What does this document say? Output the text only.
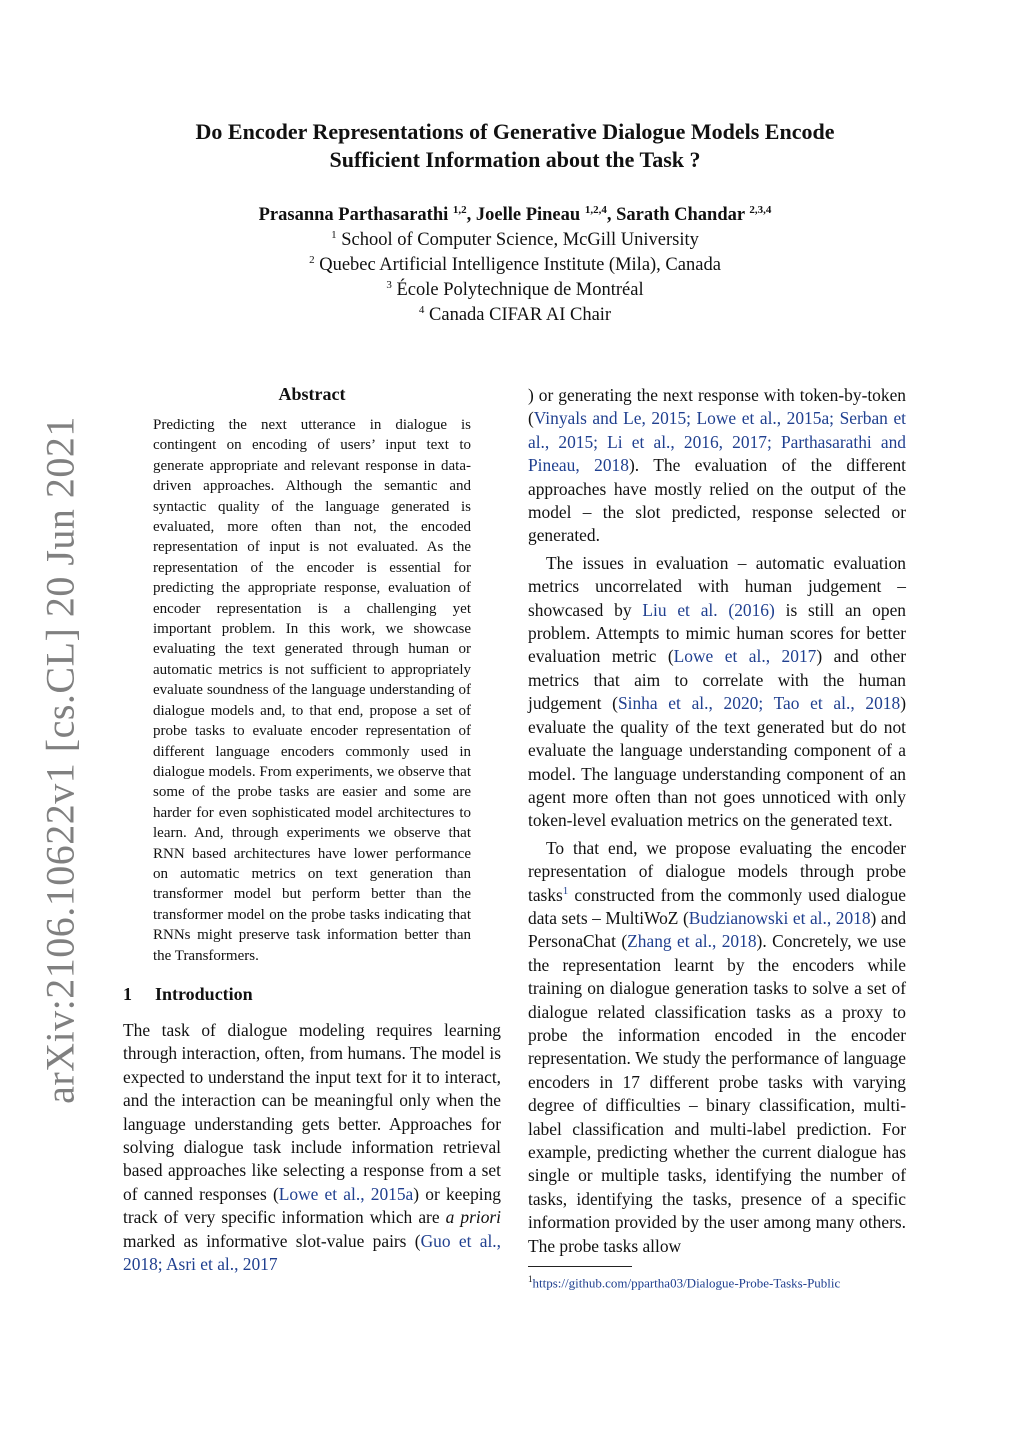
arXiv:2106.10622v1 [cs.CL] 20 Jun 2021
Do Encoder Representations of Generative Dialogue Models Encode
Sufficient Information about the Task ?
Prasanna Parthasarathi $^{1,2}$, Joelle Pineau $^{1,2,4}$, Sarath Chandar $^{2,3,4}$
$^1$ School of Computer Science, McGill University
$^2$ Quebec Artificial Intelligence Institute (Mila), Canada
$^3$ École Polytechnique de Montréal
$^4$ Canada CIFAR AI Chair
Abstract
Predicting the next utterance in dialogue is contingent on encoding of users’ input text to generate appropriate and relevant response in data-driven approaches. Although the semantic and syntactic quality of the language generated is evaluated, more often than not, the encoded representation of input is not evaluated. As the representation of the encoder is essential for predicting the appropriate response, evaluation of encoder representation is a challenging yet important problem. In this work, we showcase evaluating the text generated through human or automatic metrics is not sufficient to appropriately evaluate soundness of the language understanding of dialogue models and, to that end, propose a set of probe tasks to evaluate encoder representation of different language encoders commonly used in dialogue models. From experiments, we observe that some of the probe tasks are easier and some are harder for even sophisticated model architectures to learn. And, through experiments we observe that RNN based architectures have lower performance on automatic metrics on text generation than transformer model but perform better than the transformer model on the probe tasks indicating that RNNs might preserve task information better than the Transformers.
1 Introduction

The task of dialogue modeling requires learning through interaction, often, from humans. The model is expected to understand the input text for it to interact, and the interaction can be meaningful only when the language understanding gets better. Approaches for solving dialogue task include information retrieval based approaches like selecting a response from a set of canned responses (Lowe et al., 2015a) or keeping track of very specific information which are a priori marked as informative slot-value pairs (Guo et al., 2018; Asri et al., 2017

) or generating the next response with token-by-token (Vinyals and Le, 2015; Lowe et al., 2015a; Serban et al., 2015; Li et al., 2016, 2017; Parthasarathi and Pineau, 2018). The evaluation of the different approaches have mostly relied on the output of the model – the slot predicted, response selected or generated.

The issues in evaluation – automatic evaluation metrics uncorrelated with human judgement – showcased by Liu et al. (2016) is still an open problem. Attempts to mimic human scores for better evaluation metric (Lowe et al., 2017) and other metrics that aim to correlate with the human judgement (Sinha et al., 2020; Tao et al., 2018) evaluate the quality of the text generated but do not evaluate the language understanding component of a model. The language understanding component of an agent more often than not goes unnoticed with only token-level evaluation metrics on the generated text.

To that end, we propose evaluating the encoder representation of dialogue models through probe tasks$^1$ constructed from the commonly used dialogue data sets – MultiWoZ (Budzianowski et al., 2018) and PersonaChat (Zhang et al., 2018). Concretely, we use the representation learnt by the encoders while training on dialogue generation tasks to solve a set of dialogue related classification tasks as a proxy to probe the information encoded in the encoder representation. We study the performance of language encoders in 17 different probe tasks with varying degree of difficulties – binary classification, multi-label classification and multi-label prediction. For example, predicting whether the current dialogue has single or multiple tasks, identifying the number of tasks, identifying the tasks, presence of a specific information provided by the user among many others. The probe tasks allow

$^1$https://github.com/ppartha03/Dialogue-Probe-Tasks-Public
